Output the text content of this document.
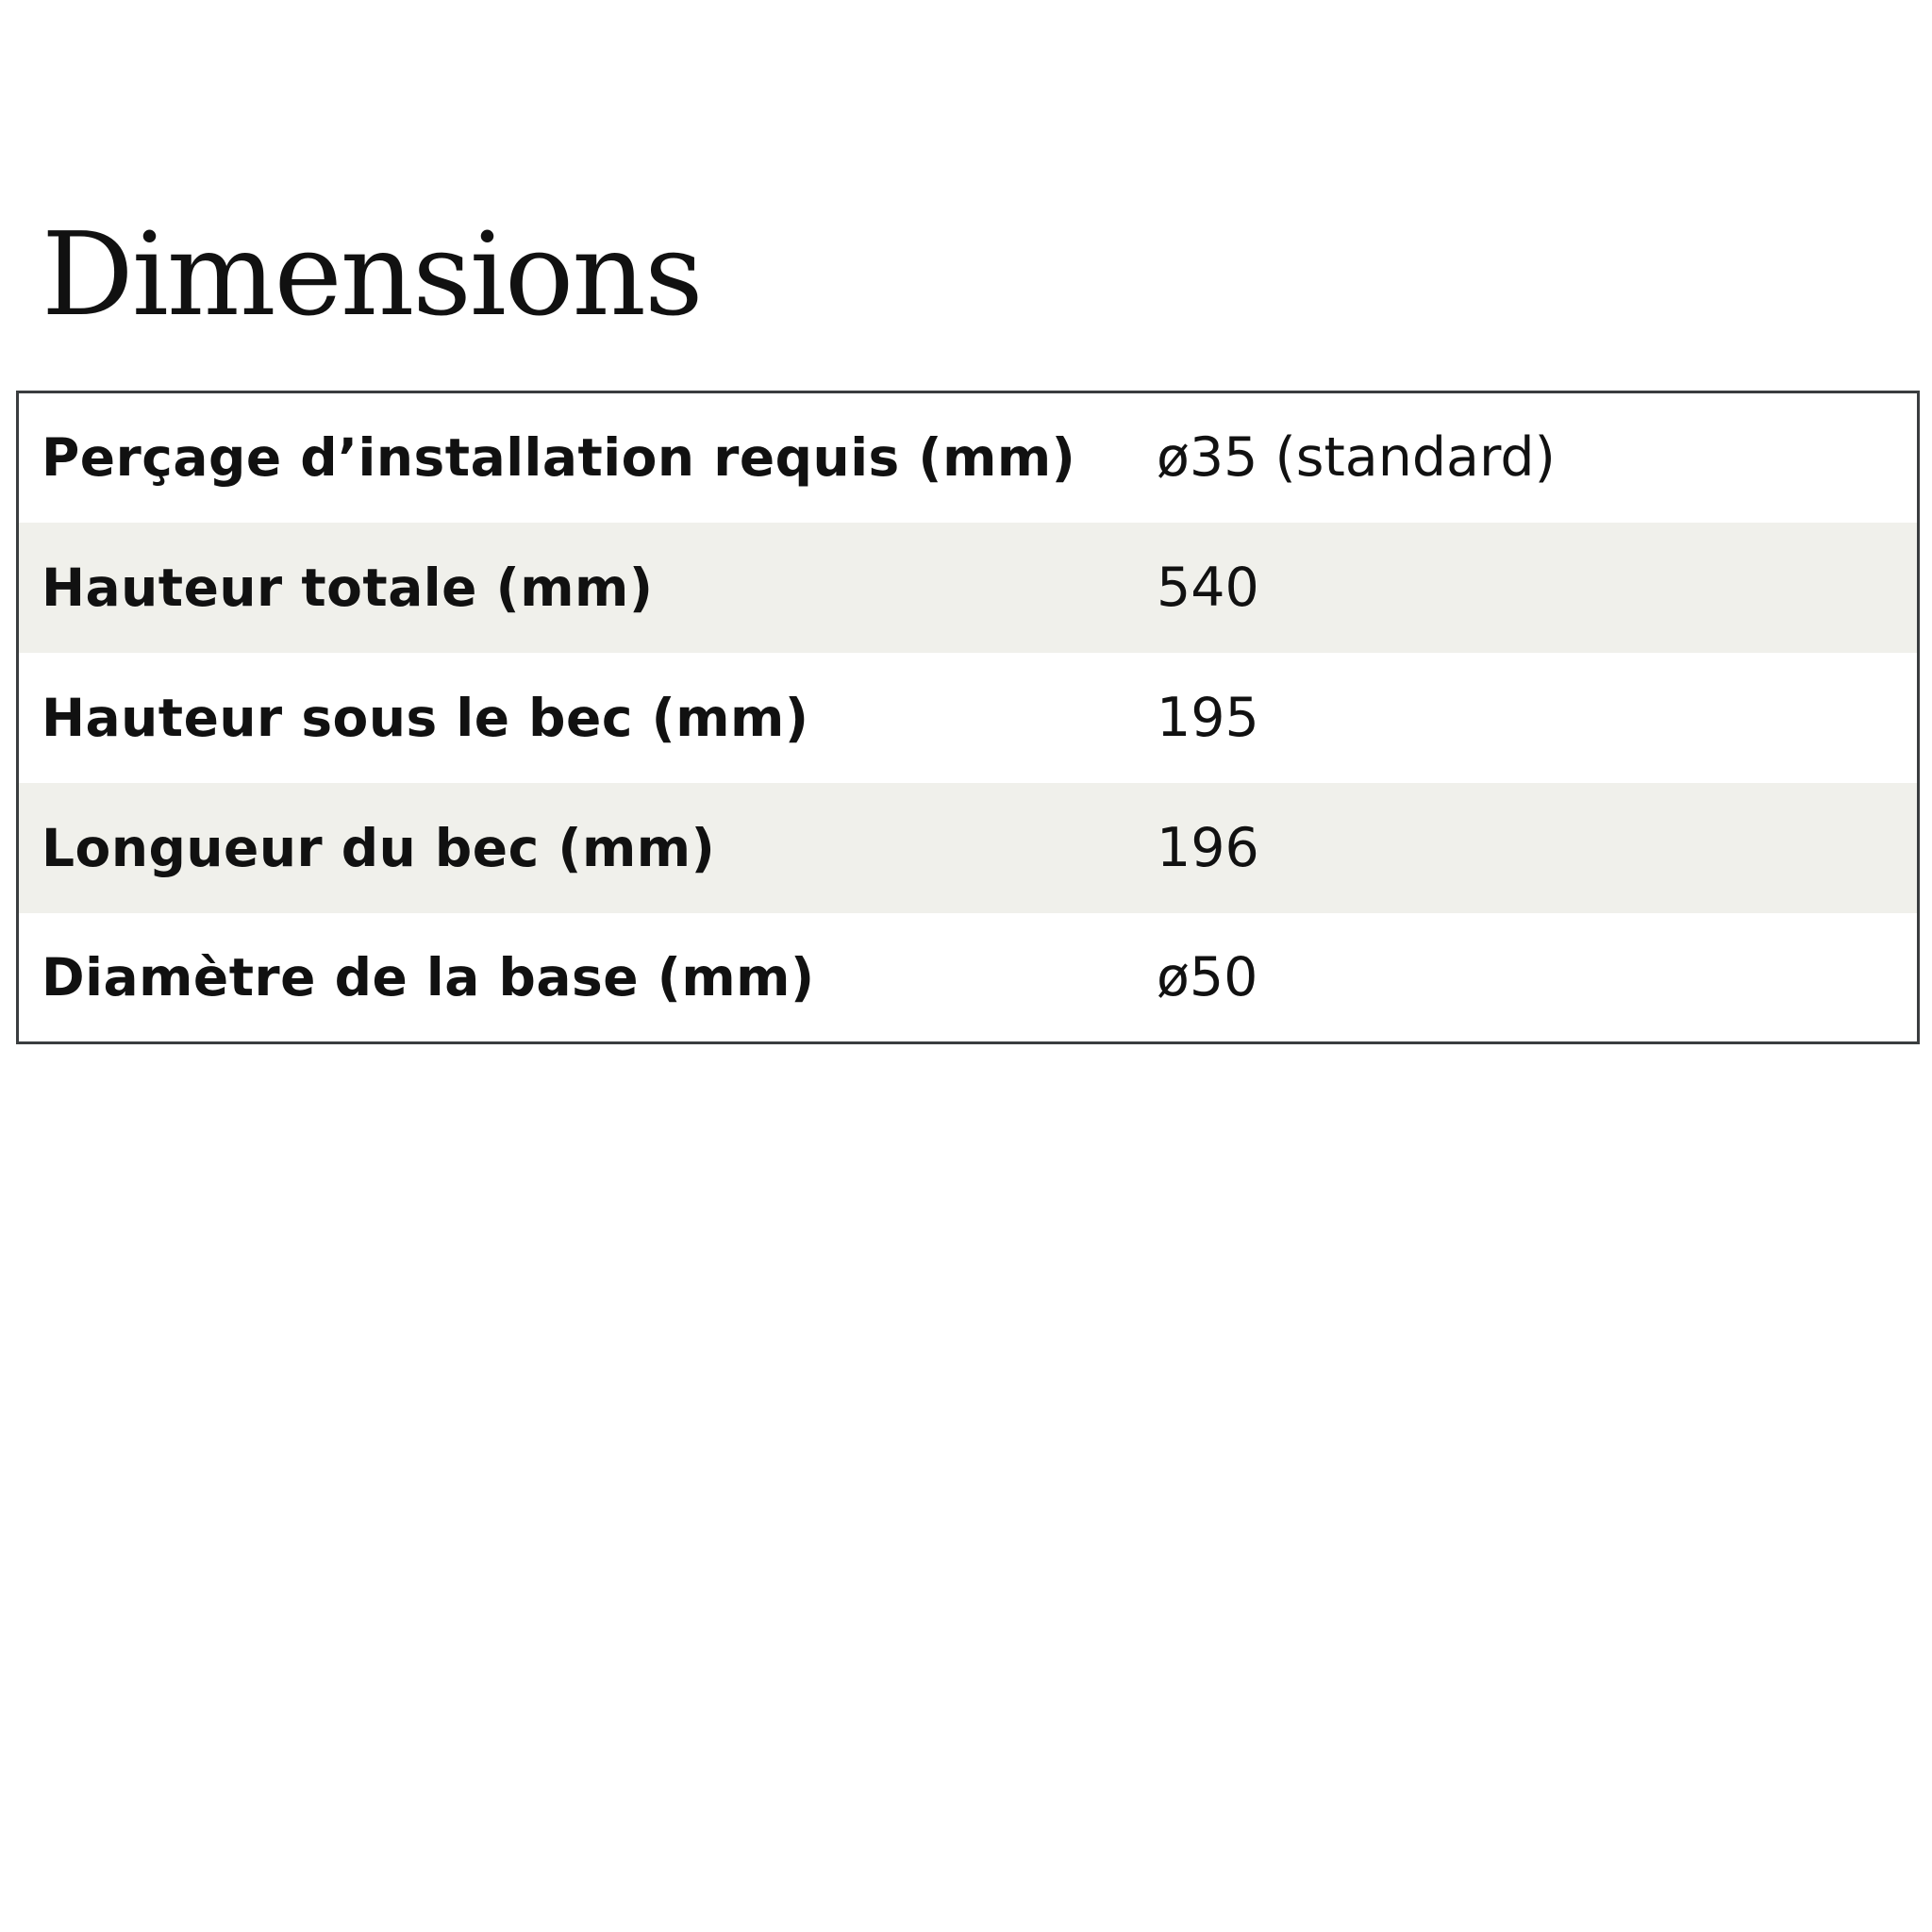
Dimensions
Perçage d’installation requis (mm)	ø35 (standard)
Hauteur totale (mm)	540
Hauteur sous le bec (mm)	195
Longueur du bec (mm)	196
Diamètre de la base (mm)	ø50
